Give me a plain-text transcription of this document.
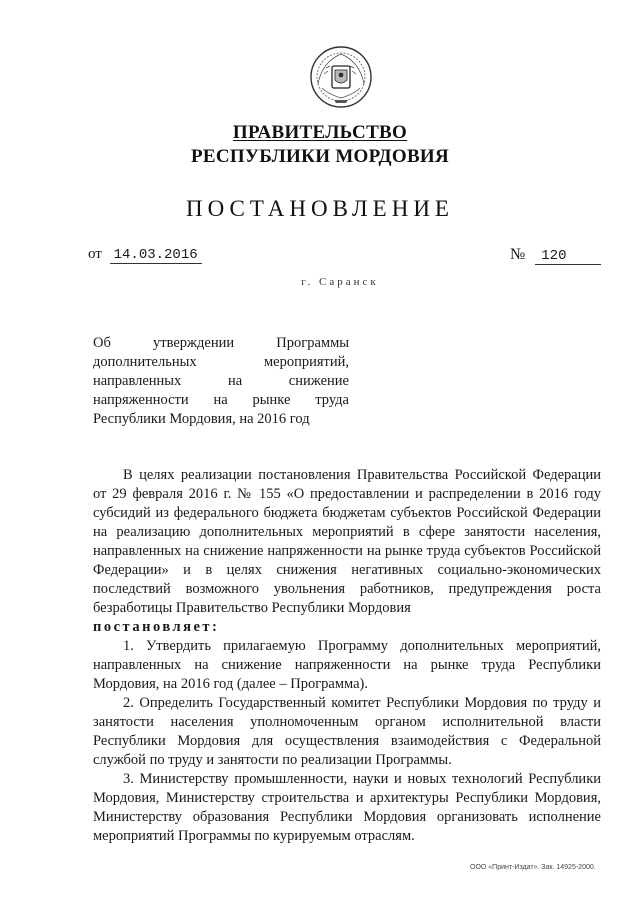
ПРАВИТЕЛЬСТВО
РЕСПУБЛИКИ МОРДОВИЯ
ПОСТАНОВЛЕНИЕ
от 14.03.2016	№ 120
г. Саранск
Об утверждении Программы
дополнительных мероприятий,
направленных на снижение
напряженности на рынке труда
Республики Мордовия, на 2016 год

В целях реализации постановления Правительства Российской Федерации от 29 февраля 2016 г. № 155 «О предоставлении и распределении в 2016 году субсидий из федерального бюджета бюджетам субъектов Российской Федерации на реализацию дополнительных мероприятий в сфере занятости населения, направленных на снижение напряженности на рынке труда субъектов Российской Федерации» и в целях снижения негативных социально-экономических последствий возможного увольнения работников, предупреждения роста безработицы Правительство Республики Мордовия

постановляет:

1. Утвердить прилагаемую Программу дополнительных мероприятий, направленных на снижение напряженности на рынке труда Республики Мордовия, на 2016 год (далее – Программа).

2. Определить Государственный комитет Республики Мордовия по труду и занятости населения уполномоченным органом исполнительной власти Республики Мордовия для осуществления взаимодействия с Федеральной службой по труду и занятости по реализации Программы.

3. Министерству промышленности, науки и новых технологий Республики Мордовия, Министерству строительства и архитектуры Республики Мордовия, Министерству образования Республики Мордовия организовать исполнение мероприятий Программы по курируемым отраслям.

ООО «Принт-Издат». Зак. 14925-2000.
